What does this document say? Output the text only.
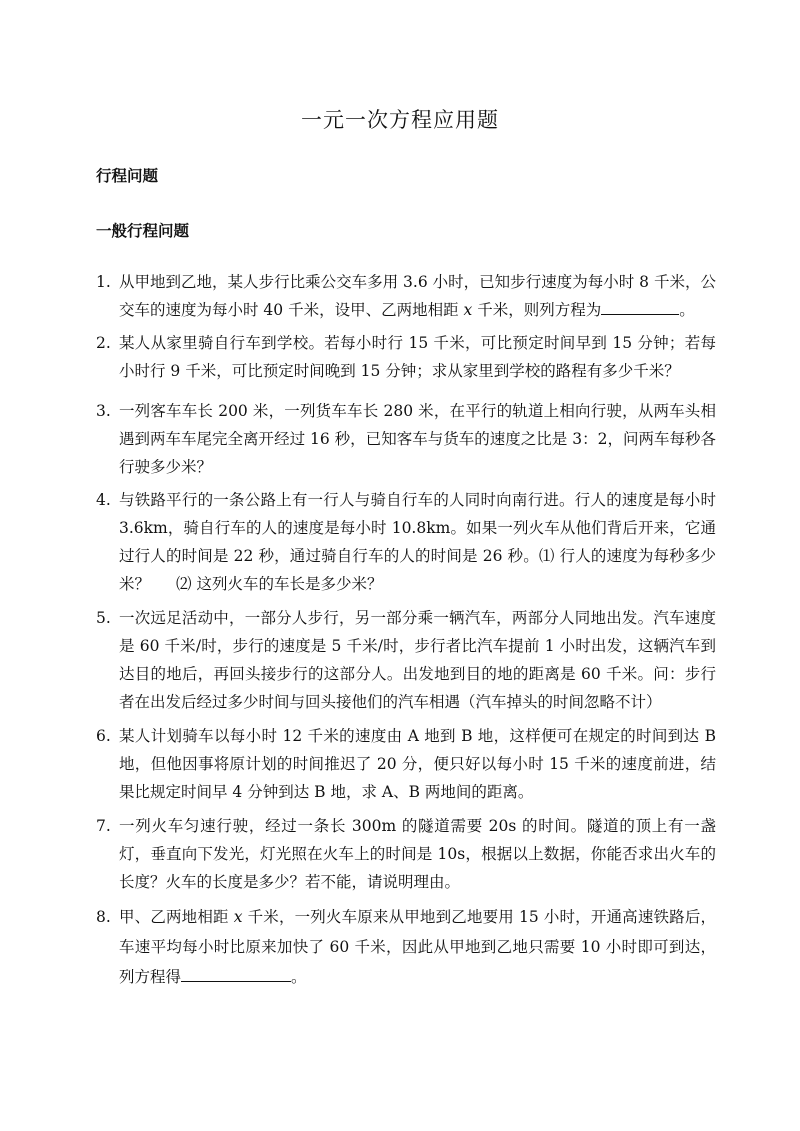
一元一次方程应用题
行程问题
一般行程问题
1. 从甲地到乙地，某人步行比乘公交车多用 3.6 小时，已知步行速度为每小时 8 千米，公交车的速度为每小时 40 千米，设甲、乙两地相距 x 千米，则列方程为	。
2. 某人从家里骑自行车到学校。若每小时行 15 千米，可比预定时间早到 15 分钟；若每小时行 9 千米，可比预定时间晚到 15 分钟；求从家里到学校的路程有多少千米？
3. 一列客车车长 200 米，一列货车车长 280 米，在平行的轨道上相向行驶，从两车头相遇到两车车尾完全离开经过 16 秒，已知客车与货车的速度之比是 3：2，问两车每秒各行驶多少米？
4. 与铁路平行的一条公路上有一行人与骑自行车的人同时向南行进。行人的速度是每小时 3.6km，骑自行车的人的速度是每小时 10.8km。如果一列火车从他们背后开来，它通过行人的时间是 22 秒，通过骑自行车的人的时间是 26 秒。⑴ 行人的速度为每秒多少米？ ⑵ 这列火车的车长是多少米？
5. 一次远足活动中，一部分人步行，另一部分乘一辆汽车，两部分人同地出发。汽车速度是 60 千米/时，步行的速度是 5 千米/时，步行者比汽车提前 1 小时出发，这辆汽车到达目的地后，再回头接步行的这部分人。出发地到目的地的距离是 60 千米。问：步行者在出发后经过多少时间与回头接他们的汽车相遇（汽车掉头的时间忽略不计）
6. 某人计划骑车以每小时 12 千米的速度由 A 地到 B 地，这样便可在规定的时间到达 B 地，但他因事将原计划的时间推迟了 20 分，便只好以每小时 15 千米的速度前进，结果比规定时间早 4 分钟到达 B 地，求 A、B 两地间的距离。
7. 一列火车匀速行驶，经过一条长 300m 的隧道需要 20s 的时间。隧道的顶上有一盏灯，垂直向下发光，灯光照在火车上的时间是 10s，根据以上数据，你能否求出火车的长度？火车的长度是多少？若不能，请说明理由。
8. 甲、乙两地相距 x 千米，一列火车原来从甲地到乙地要用 15 小时，开通高速铁路后，车速平均每小时比原来加快了 60 千米，因此从甲地到乙地只需要 10 小时即可到达，列方程得	。
